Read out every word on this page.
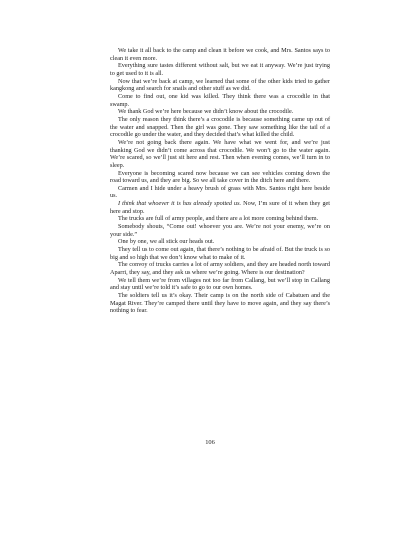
We take it all back to the camp and clean it before we cook, and Mrs. Santos says to clean it even more.

Everything sure tastes different without salt, but we eat it anyway. We’re just trying to get used to it is all.

Now that we’re back at camp, we learned that some of the other kids tried to gather kangkong and search for snails and other stuff as we did.

Come to find out, one kid was killed. They think there was a crocodile in that swamp.

We thank God we’re here because we didn’t know about the crocodile.

The only reason they think there’s a crocodile is because something came up out of the water and snapped. Then the girl was gone. They saw something like the tail of a crocodile go under the water, and they decided that’s what killed the child.

We’re not going back there again. We have what we went for, and we’re just thanking God we didn’t come across that crocodile. We won’t go to the water again. We’re scared, so we’ll just sit here and rest. Then when evening comes, we’ll turn in to sleep.

Everyone is becoming scared now because we can see vehicles coming down the road toward us, and they are big. So we all take cover in the ditch here and there.

Carmen and I hide under a heavy brush of grass with Mrs. Santos right here beside us.

I think that whoever it is has already spotted us. Now, I’m sure of it when they get here and stop.

The trucks are full of army people, and there are a lot more coming behind them.

Somebody shouts, “Come out! whoever you are. We’re not your enemy, we’re on your side.”

One by one, we all stick our heads out.

They tell us to come out again, that there’s nothing to be afraid of. But the truck is so big and so high that we don’t know what to make of it.

The convoy of trucks carries a lot of army soldiers, and they are headed north toward Aparri, they say, and they ask us where we’re going. Where is our destination?

We tell them we’re from villages not too far from Callang, but we’ll stop in Callang and stay until we’re told it’s safe to go to our own homes.

The soldiers tell us it’s okay. Their camp is on the north side of Cabatuen and the Magat River. They’re camped there until they have to move again, and they say there’s nothing to fear.

106
